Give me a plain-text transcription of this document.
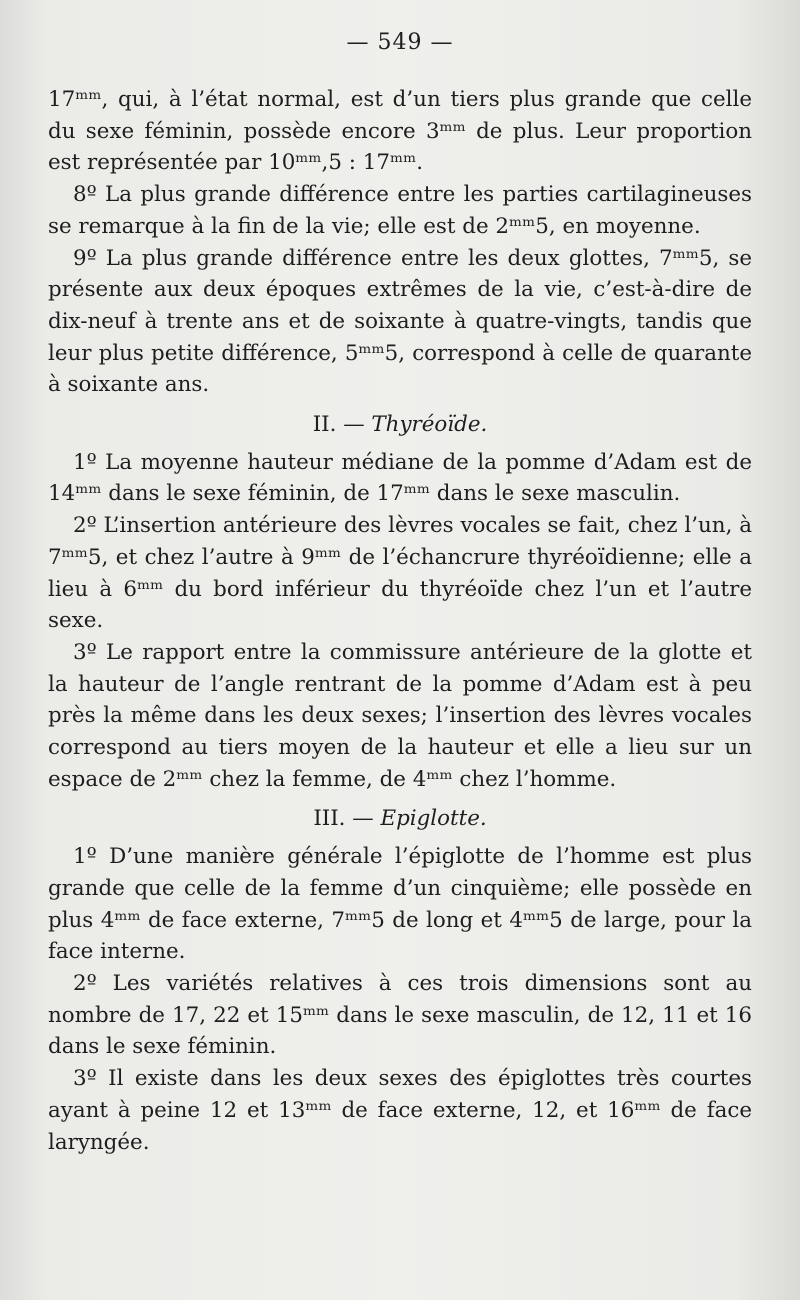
— 549 —

17ᵐᵐ, qui, à l’état normal, est d’un tiers plus grande que celle du sexe féminin, possède encore 3ᵐᵐ de plus. Leur proportion est représentée par 10ᵐᵐ,5 : 17ᵐᵐ.

8º La plus grande différence entre les parties cartilagineuses se remarque à la fin de la vie; elle est de 2ᵐᵐ5, en moyenne.

9º La plus grande différence entre les deux glottes, 7ᵐᵐ5, se présente aux deux époques extrêmes de la vie, c’est-à-dire de dix-neuf à trente ans et de soixante à quatre-vingts, tandis que leur plus petite différence, 5ᵐᵐ5, correspond à celle de quarante à soixante ans.

II. — Thyréoïde.

1º La moyenne hauteur médiane de la pomme d’Adam est de 14ᵐᵐ dans le sexe féminin, de 17ᵐᵐ dans le sexe masculin.

2º L’insertion antérieure des lèvres vocales se fait, chez l’un, à 7ᵐᵐ5, et chez l’autre à 9ᵐᵐ de l’échancrure thyréoïdienne; elle a lieu à 6ᵐᵐ du bord inférieur du thyréoïde chez l’un et l’autre sexe.

3º Le rapport entre la commissure antérieure de la glotte et la hauteur de l’angle rentrant de la pomme d’Adam est à peu près la même dans les deux sexes; l’insertion des lèvres vocales correspond au tiers moyen de la hauteur et elle a lieu sur un espace de 2ᵐᵐ chez la femme, de 4ᵐᵐ chez l’homme.

III. — Epiglotte.

1º D’une manière générale l’épiglotte de l’homme est plus grande que celle de la femme d’un cinquième; elle possède en plus 4ᵐᵐ de face externe, 7ᵐᵐ5 de long et 4ᵐᵐ5 de large, pour la face interne.

2º Les variétés relatives à ces trois dimensions sont au nombre de 17, 22 et 15ᵐᵐ dans le sexe masculin, de 12, 11 et 16 dans le sexe féminin.

3º Il existe dans les deux sexes des épiglottes très courtes ayant à peine 12 et 13ᵐᵐ de face externe, 12, et 16ᵐᵐ de face laryngée.
